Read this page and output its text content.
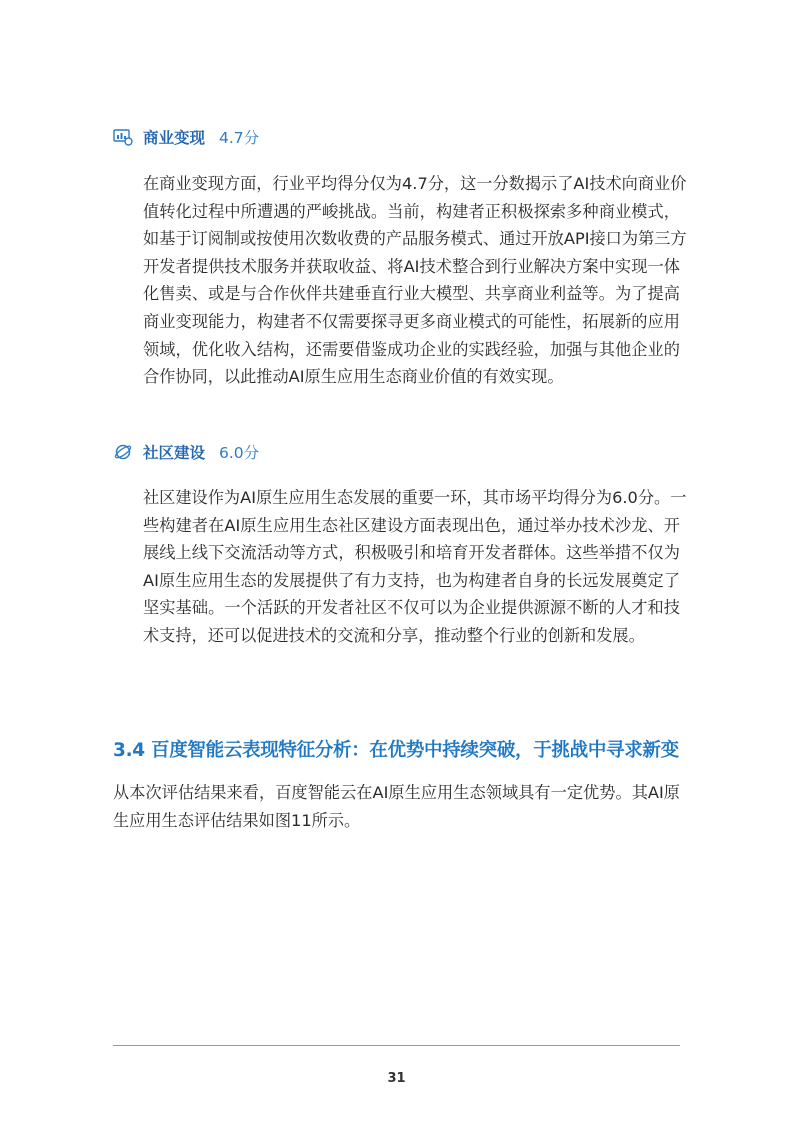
商业变现 4.7分
在商业变现方面，行业平均得分仅为4.7分，这一分数揭示了AI技术向商业价
值转化过程中所遭遇的严峻挑战。当前，构建者正积极探索多种商业模式，
如基于订阅制或按使用次数收费的产品服务模式、通过开放API接口为第三方
开发者提供技术服务并获取收益、将AI技术整合到行业解决方案中实现一体
化售卖、或是与合作伙伴共建垂直行业大模型、共享商业利益等。为了提高
商业变现能力，构建者不仅需要探寻更多商业模式的可能性，拓展新的应用
领域，优化收入结构，还需要借鉴成功企业的实践经验，加强与其他企业的
合作协同，以此推动AI原生应用生态商业价值的有效实现。
社区建设 6.0分
社区建设作为AI原生应用生态发展的重要一环，其市场平均得分为6.0分。一
些构建者在AI原生应用生态社区建设方面表现出色，通过举办技术沙龙、开
展线上线下交流活动等方式，积极吸引和培育开发者群体。这些举措不仅为
AI原生应用生态的发展提供了有力支持，也为构建者自身的长远发展奠定了
坚实基础。一个活跃的开发者社区不仅可以为企业提供源源不断的人才和技
术支持，还可以促进技术的交流和分享，推动整个行业的创新和发展。
3.4 百度智能云表现特征分析：在优势中持续突破，于挑战中寻求新变
从本次评估结果来看，百度智能云在AI原生应用生态领域具有一定优势。其AI原
生应用生态评估结果如图11所示。
31
